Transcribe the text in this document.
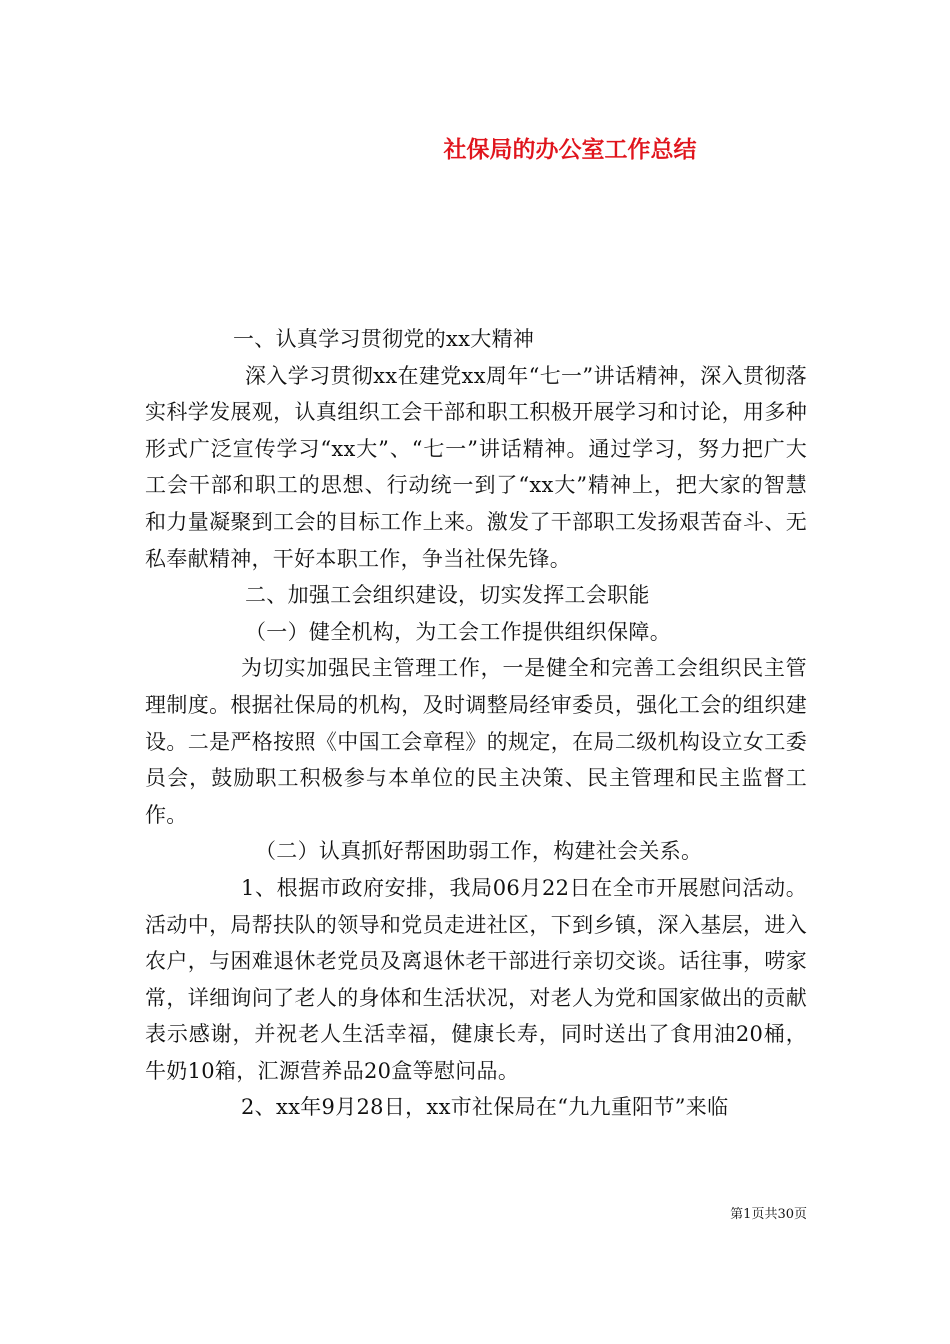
社保局的办公室工作总结

一、认真学习贯彻党的xx大精神

深入学习贯彻xx在建党xx周年“七一”讲话精神，深入贯彻落实科学发展观，认真组织工会干部和职工积极开展学习和讨论，用多种形式广泛宣传学习“xx大”、“七一”讲话精神。通过学习，努力把广大工会干部和职工的思想、行动统一到了“xx大”精神上，把大家的智慧和力量凝聚到工会的目标工作上来。激发了干部职工发扬艰苦奋斗、无私奉献精神，干好本职工作，争当社保先锋。

二、加强工会组织建设，切实发挥工会职能

（一）健全机构，为工会工作提供组织保障。

为切实加强民主管理工作，一是健全和完善工会组织民主管理制度。根据社保局的机构，及时调整局经审委员，强化工会的组织建设。二是严格按照《中国工会章程》的规定，在局二级机构设立女工委员会，鼓励职工积极参与本单位的民主决策、民主管理和民主监督工作。

（二）认真抓好帮困助弱工作，构建社会关系。

1、根据市政府安排，我局06月22日在全市开展慰问活动。活动中，局帮扶队的领导和党员走进社区，下到乡镇，深入基层，进入农户，与困难退休老党员及离退休老干部进行亲切交谈。话往事，唠家常，详细询问了老人的身体和生活状况，对老人为党和国家做出的贡献表示感谢，并祝老人生活幸福，健康长寿，同时送出了食用油20桶，牛奶10箱，汇源营养品20盒等慰问品。

2、xx年9月28日，xx市社保局在“九九重阳节”来临

第1页共30页
